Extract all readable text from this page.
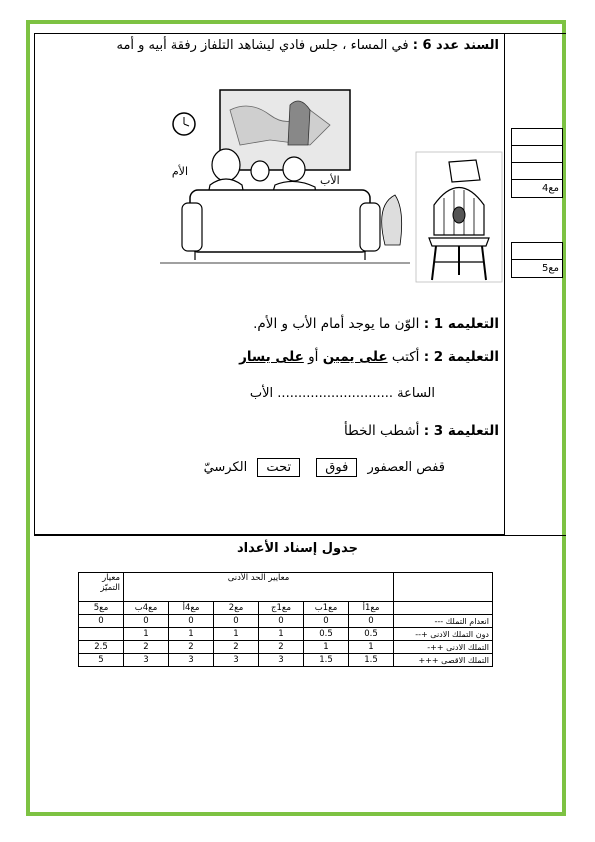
السند عدد 6 : في المساء ، جلس فادي ليشاهد التلفاز رفقة أبيه و أمه
الأم
الأب
التعليمه 1 : الوّن ما يوجد أمام الأب و الأم.
التعليمة 2 : أكتب على يمين أو على يسار
الساعة ............................ الأب
التعليمة 3 : أشطب الخطأ
قفص العصفور فوق تحت الكرسيّ
مع4
مع5
جدول إسناد الأعداد
	معايير الحد الأدنى						معيار التميّز
	مع1أ	مع1ب	مع1ج	مع2	مع4أ	مع4ب	مع5
انعدام التملك ---	0	0	0	0	0	0	0
دون التملك الادنى +--	0.5	0.5	1	1	1	1	
التملك الادنى ++-	1	1	2	2	2	2	2.5
التملك الاقصى +++	1.5	1.5	3	3	3	3	5
